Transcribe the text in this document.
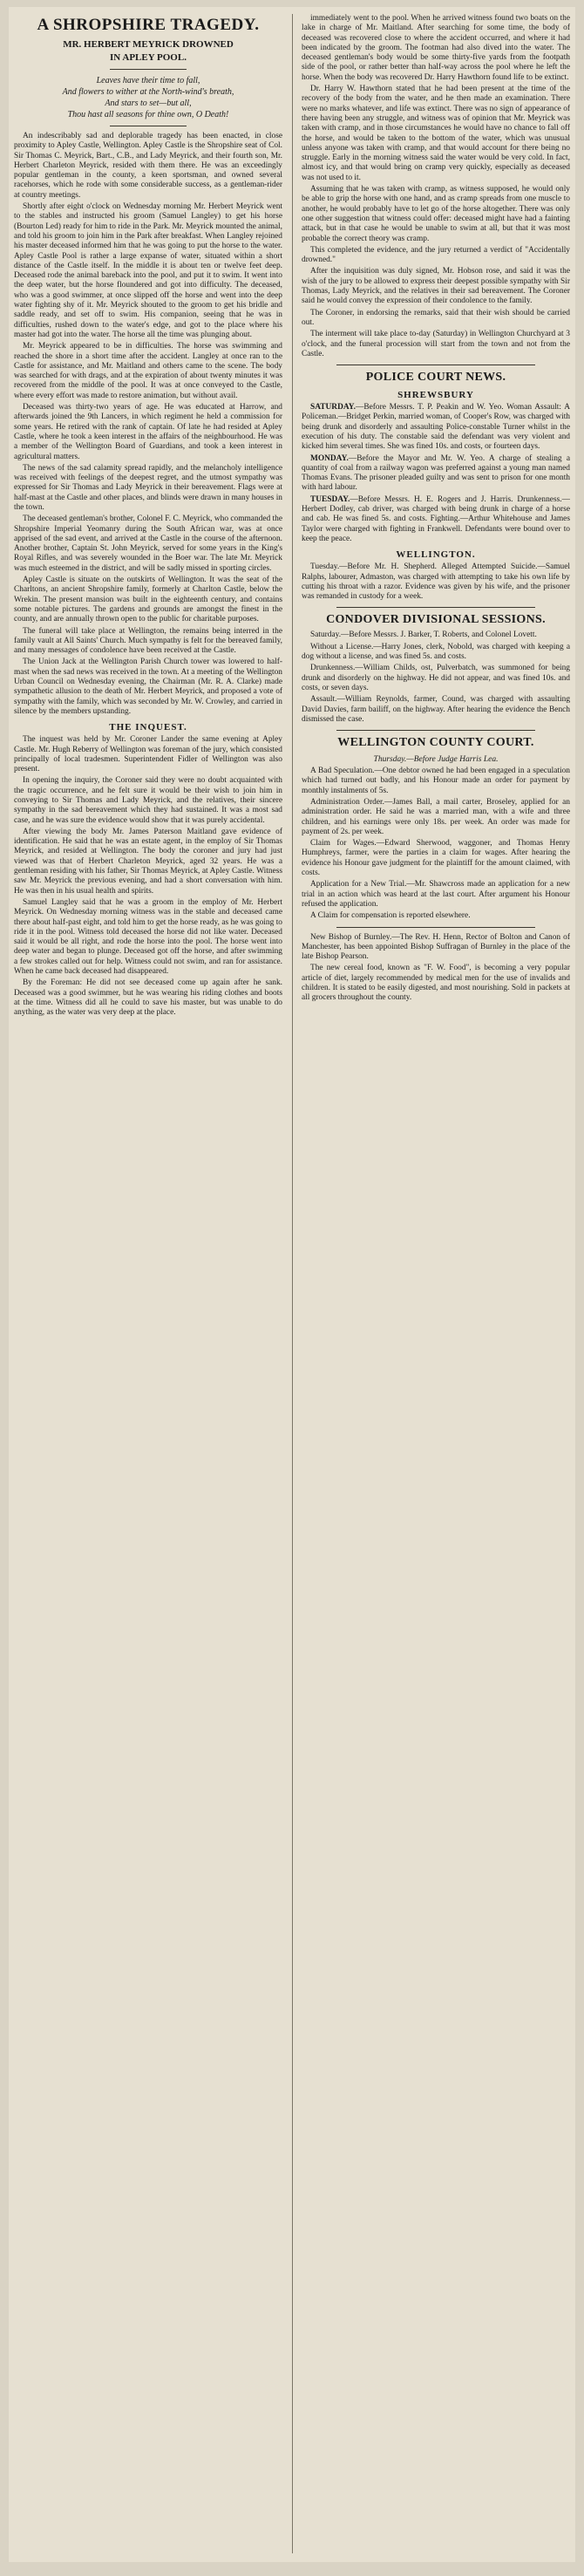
A SHROPSHIRE TRAGEDY.
MR. HERBERT MEYRICK DROWNED
IN APLEY POOL.
Leaves have their time to fall,
And flowers to wither at the North-wind's breath,
And stars to set—but all,
Thou hast all seasons for thine own, O Death!

An indescribably sad and deplorable tragedy has been enacted, in close proximity to Apley Castle, Wellington. Apley Castle is the Shropshire seat of Col. Sir Thomas C. Meyrick, Bart., C.B., and Lady Meyrick, and their fourth son, Mr. Herbert Charleton Meyrick, resided with them there. He was an exceedingly popular gentleman in the county, a keen sportsman, and owned several racehorses, which he rode with some considerable success, as a gentleman-rider at country meetings.

Shortly after eight o'clock on Wednesday morning Mr. Herbert Meyrick went to the stables and instructed his groom (Samuel Langley) to get his horse (Bourton Led) ready for him to ride in the Park. Mr. Meyrick mounted the animal, and told his groom to join him in the Park after breakfast. When Langley rejoined his master deceased informed him that he was going to put the horse to the water. Apley Castle Pool is rather a large expanse of water, situated within a short distance of the Castle itself. In the middle it is about ten or twelve feet deep. Deceased rode the animal bareback into the pool, and put it to swim. It went into the deep water, but the horse floundered and got into difficulty. The deceased, who was a good swimmer, at once slipped off the horse and went into the deep water fighting shy of it. Mr. Meyrick shouted to the groom to get his bridle and saddle ready, and set off to swim. His companion, seeing that he was in difficulties, rushed down to the water's edge, and got to the place where his master had got into the water. The horse all the time was plunging about.

Mr. Meyrick appeared to be in difficulties. The horse was swimming and reached the shore in a short time after the accident. Langley at once ran to the Castle for assistance, and Mr. Maitland and others came to the scene. The body was searched for with drags, and at the expiration of about twenty minutes it was recovered from the middle of the pool. It was at once conveyed to the Castle, where every effort was made to restore animation, but without avail.

Deceased was thirty-two years of age. He was educated at Harrow, and afterwards joined the 9th Lancers, in which regiment he held a commission for some years. He retired with the rank of captain. Of late he had resided at Apley Castle, where he took a keen interest in the affairs of the neighbourhood. He was a member of the Wellington Board of Guardians, and took a keen interest in agricultural matters.

The news of the sad calamity spread rapidly, and the melancholy intelligence was received with feelings of the deepest regret, and the utmost sympathy was expressed for Sir Thomas and Lady Meyrick in their bereavement. Flags were at half-mast at the Castle and other places, and blinds were drawn in many houses in the town.

The deceased gentleman's brother, Colonel F. C. Meyrick, who commanded the Shropshire Imperial Yeomanry during the South African war, was at once apprised of the sad event, and arrived at the Castle in the course of the afternoon. Another brother, Captain St. John Meyrick, served for some years in the King's Royal Rifles, and was severely wounded in the Boer war. The late Mr. Meyrick was much esteemed in the district, and will be sadly missed in sporting circles.

Apley Castle is situate on the outskirts of Wellington. It was the seat of the Charltons, an ancient Shropshire family, formerly at Charlton Castle, below the Wrekin. The present mansion was built in the eighteenth century, and contains some notable pictures. The gardens and grounds are amongst the finest in the county, and are annually thrown open to the public for charitable purposes.

The funeral will take place at Wellington, the remains being interred in the family vault at All Saints' Church. Much sympathy is felt for the bereaved family, and many messages of condolence have been received at the Castle.

The Union Jack at the Wellington Parish Church tower was lowered to half-mast when the sad news was received in the town. At a meeting of the Wellington Urban Council on Wednesday evening, the Chairman (Mr. R. A. Clarke) made sympathetic allusion to the death of Mr. Herbert Meyrick, and proposed a vote of sympathy with the family, which was seconded by Mr. W. Crowley, and carried in silence by the members upstanding.

THE INQUEST.

The inquest was held by Mr. Coroner Lander the same evening at Apley Castle. Mr. Hugh Reberry of Wellington was foreman of the jury, which consisted principally of local tradesmen. Superintendent Fidler of Wellington was also present.

In opening the inquiry, the Coroner said they were no doubt acquainted with the tragic occurrence, and he felt sure it would be their wish to join him in conveying to Sir Thomas and Lady Meyrick, and the relatives, their sincere sympathy in the sad bereavement which they had sustained. It was a most sad case, and he was sure the evidence would show that it was purely accidental.

After viewing the body Mr. James Paterson Maitland gave evidence of identification. He said that he was an estate agent, in the employ of Sir Thomas Meyrick, and resided at Wellington. The body the coroner and jury had just viewed was that of Herbert Charleton Meyrick, aged 32 years. He was a gentleman residing with his father, Sir Thomas Meyrick, at Apley Castle. Witness saw Mr. Meyrick the previous evening, and had a short conversation with him. He was then in his usual health and spirits.

Samuel Langley said that he was a groom in the employ of Mr. Herbert Meyrick. On Wednesday morning witness was in the stable and deceased came there about half-past eight, and told him to get the horse ready, as he was going to ride it in the pool. Witness told deceased the horse did not like water. Deceased said it would be all right, and rode the horse into the pool. The horse went into deep water and began to plunge. Deceased got off the horse, and after swimming a few strokes called out for help. Witness could not swim, and ran for assistance. When he came back deceased had disappeared.

By the Foreman: He did not see deceased come up again after he sank. Deceased was a good swimmer, but he was wearing his riding clothes and boots at the time. Witness did all he could to save his master, but was unable to do anything, as the water was very deep at the place.

immediately went to the pool. When he arrived witness found two boats on the lake in charge of Mr. Maitland. After searching for some time, the body of deceased was recovered close to where the accident occurred, and where it had been indicated by the groom. The footman had also dived into the water. The deceased gentleman's body would be some thirty-five yards from the footpath side of the pool, or rather better than half-way across the pool where he left the horse. When the body was recovered Dr. Harry Hawthorn found life to be extinct.

Dr. Harry W. Hawthorn stated that he had been present at the time of the recovery of the body from the water, and he then made an examination. There were no marks whatever, and life was extinct. There was no sign of appearance of there having been any struggle, and witness was of opinion that Mr. Meyrick was taken with cramp, and in those circumstances he would have no chance to fall off the horse, and would be taken to the bottom of the water, which was unusual unless anyone was taken with cramp, and that would account for there being no struggle. Early in the morning witness said the water would be very cold. In fact, almost icy, and that would bring on cramp very quickly, especially as deceased was not used to it.

Assuming that he was taken with cramp, as witness supposed, he would only be able to grip the horse with one hand, and as cramp spreads from one muscle to another, he would probably have to let go of the horse altogether. There was only one other suggestion that witness could offer: deceased might have had a fainting attack, but in that case he would be unable to swim at all, but that it was most probable the correct theory was cramp.

This completed the evidence, and the jury returned a verdict of "Accidentally drowned."

After the inquisition was duly signed, Mr. Hobson rose, and said it was the wish of the jury to be allowed to express their deepest possible sympathy with Sir Thomas, Lady Meyrick, and the relatives in their sad bereavement. The Coroner said he would convey the expression of their condolence to the family.

The Coroner, in endorsing the remarks, said that their wish should be carried out.

The interment will take place to-day (Saturday) in Wellington Churchyard at 3 o'clock, and the funeral procession will start from the town and not from the Castle.

POLICE COURT NEWS.
SHREWSBURY

SATURDAY.—Before Messrs. T. P. Peakin and W. Yeo. Woman Assault: A Policeman.—Bridget Perkin, married woman, of Cooper's Row, was charged with being drunk and disorderly and assaulting Police-constable Turner whilst in the execution of his duty. The constable said the defendant was very violent and kicked him several times. She was fined 10s. and costs, or fourteen days.

MONDAY.—Before the Mayor and Mr. W. Yeo. A charge of stealing a quantity of coal from a railway wagon was preferred against a young man named Thomas Evans. The prisoner pleaded guilty and was sent to prison for one month with hard labour.

TUESDAY.—Before Messrs. H. E. Rogers and J. Harris. Drunkenness.—Herbert Dodley, cab driver, was charged with being drunk in charge of a horse and cab. He was fined 5s. and costs. Fighting.—Arthur Whitehouse and James Taylor were charged with fighting in Frankwell. Defendants were bound over to keep the peace.

WELLINGTON.

Tuesday.—Before Mr. H. Shepherd. Alleged Attempted Suicide.—Samuel Ralphs, labourer, Admaston, was charged with attempting to take his own life by cutting his throat with a razor. Evidence was given by his wife, and the prisoner was remanded in custody for a week.

CONDOVER DIVISIONAL SESSIONS.

Saturday.—Before Messrs. J. Barker, T. Roberts, and Colonel Lovett.

Without a License.—Harry Jones, clerk, Nobold, was charged with keeping a dog without a license, and was fined 5s. and costs.

Drunkenness.—William Childs, ost, Pulverbatch, was summoned for being drunk and disorderly on the highway. He did not appear, and was fined 10s. and costs, or seven days.

Assault.—William Reynolds, farmer, Cound, was charged with assaulting David Davies, farm bailiff, on the highway. After hearing the evidence the Bench dismissed the case.

WELLINGTON COUNTY COURT.
Thursday.—Before Judge Harris Lea.

A Bad Speculation.—One debtor owned he had been engaged in a speculation which had turned out badly, and his Honour made an order for payment by monthly instalments of 5s.

Administration Order.—James Ball, a mail carter, Broseley, applied for an administration order. He said he was a married man, with a wife and three children, and his earnings were only 18s. per week. An order was made for payment of 2s. per week.

Claim for Wages.—Edward Sherwood, waggoner, and Thomas Henry Humphreys, farmer, were the parties in a claim for wages. After hearing the evidence his Honour gave judgment for the plaintiff for the amount claimed, with costs.

Application for a New Trial.—Mr. Shawcross made an application for a new trial in an action which was heard at the last court. After argument his Honour refused the application.

A Claim for compensation is reported elsewhere.

New Bishop of Burnley.—The Rev. H. Henn, Rector of Bolton and Canon of Manchester, has been appointed Bishop Suffragan of Burnley in the place of the late Bishop Pearson.

The new cereal food, known as "F. W. Food", is becoming a very popular article of diet, largely recommended by medical men for the use of invalids and children. It is stated to be easily digested, and most nourishing. Sold in packets at all grocers throughout the county.
